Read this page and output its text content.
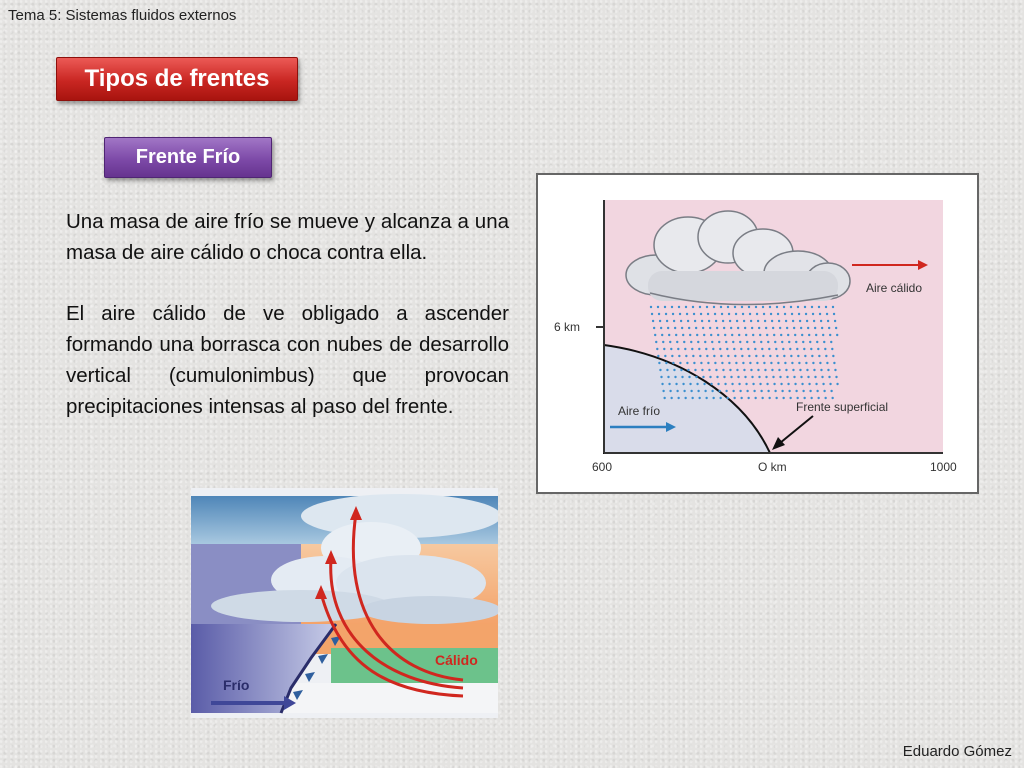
Tema 5: Sistemas fluidos externos
Tipos de frentes
Frente Frío

Una masa de aire frío se mueve y alcanza a una masa de aire cálido o choca contra ella.

El aire cálido de ve obligado a ascender formando una borrasca con nubes de desarrollo vertical (cumulonimbus) que provocan precipitaciones intensas al paso del frente.

6 km
Aire cálido
Aire frío	Frente superficial
600	O km	1000
Cálido
Frío
Eduardo Gómez
